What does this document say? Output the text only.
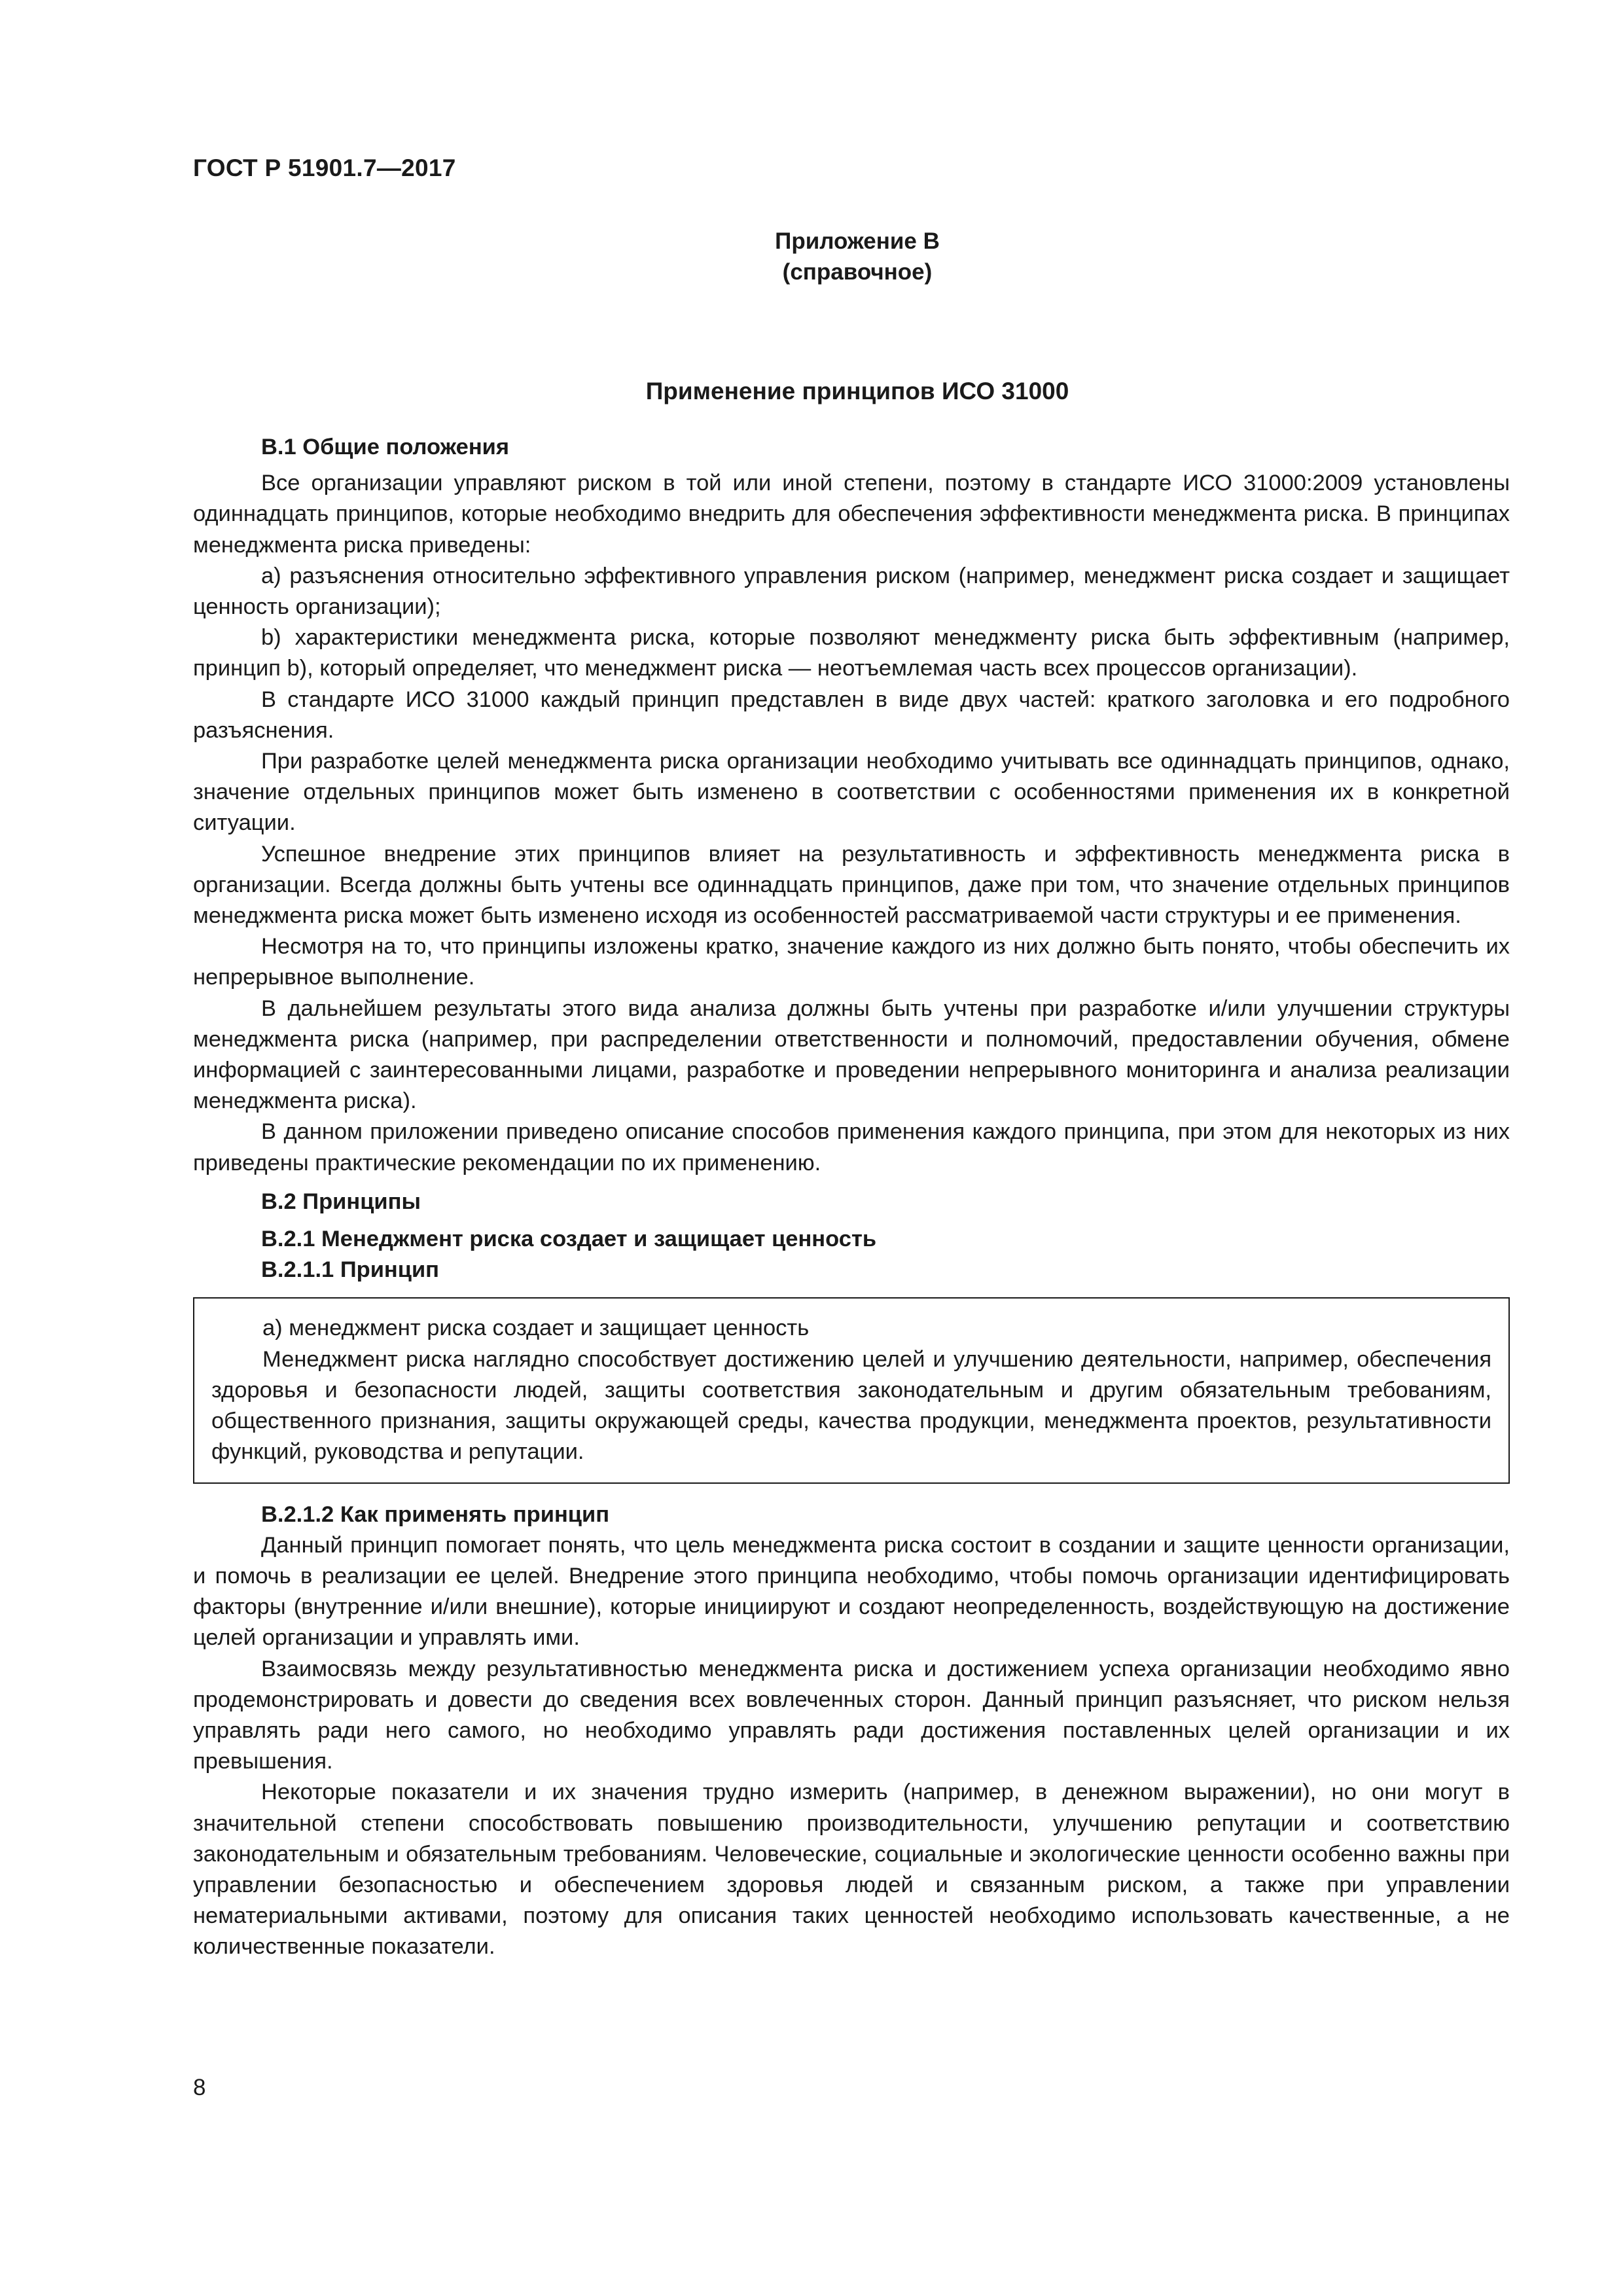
ГОСТ Р 51901.7—2017
Приложение В
(справочное)
Применение принципов ИСО 31000
В.1 Общие положения

Все организации управляют риском в той или иной степени, поэтому в стандарте ИСО 31000:2009 установлены одиннадцать принципов, которые необходимо внедрить для обеспечения эффективности менеджмента риска. В принципах менеджмента риска приведены:

a) разъяснения относительно эффективного управления риском (например, менеджмент риска создает и защищает ценность организации);

b) характеристики менеджмента риска, которые позволяют менеджменту риска быть эффективным (например, принцип b), который определяет, что менеджмент риска — неотъемлемая часть всех процессов организации).

В стандарте ИСО 31000 каждый принцип представлен в виде двух частей: краткого заголовка и его подробного разъяснения.

При разработке целей менеджмента риска организации необходимо учитывать все одиннадцать принципов, однако, значение отдельных принципов может быть изменено в соответствии с особенностями применения их в конкретной ситуации.

Успешное внедрение этих принципов влияет на результативность и эффективность менеджмента риска в организации. Всегда должны быть учтены все одиннадцать принципов, даже при том, что значение отдельных принципов менеджмента риска может быть изменено исходя из особенностей рассматриваемой части структуры и ее применения.

Несмотря на то, что принципы изложены кратко, значение каждого из них должно быть понято, чтобы обеспечить их непрерывное выполнение.

В дальнейшем результаты этого вида анализа должны быть учтены при разработке и/или улучшении структуры менеджмента риска (например, при распределении ответственности и полномочий, предоставлении обучения, обмене информацией с заинтересованными лицами, разработке и проведении непрерывного мониторинга и анализа реализации менеджмента риска).

В данном приложении приведено описание способов применения каждого принципа, при этом для некоторых из них приведены практические рекомендации по их применению.

В.2 Принципы
В.2.1 Менеджмент риска создает и защищает ценность
В.2.1.1 Принцип

a) менеджмент риска создает и защищает ценность

Менеджмент риска наглядно способствует достижению целей и улучшению деятельности, например, обеспечения здоровья и безопасности людей, защиты соответствия законодательным и другим обязательным требованиям, общественного признания, защиты окружающей среды, качества продукции, менеджмента проектов, результативности функций, руководства и репутации.

В.2.1.2 Как применять принцип

Данный принцип помогает понять, что цель менеджмента риска состоит в создании и защите ценности организации, и помочь в реализации ее целей. Внедрение этого принципа необходимо, чтобы помочь организации идентифицировать факторы (внутренние и/или внешние), которые инициируют и создают неопределенность, воздействующую на достижение целей организации и управлять ими.

Взаимосвязь между результативностью менеджмента риска и достижением успеха организации необходимо явно продемонстрировать и довести до сведения всех вовлеченных сторон. Данный принцип разъясняет, что риском нельзя управлять ради него самого, но необходимо управлять ради достижения поставленных целей организации и их превышения.

Некоторые показатели и их значения трудно измерить (например, в денежном выражении), но они могут в значительной степени способствовать повышению производительности, улучшению репутации и соответствию законодательным и обязательным требованиям. Человеческие, социальные и экологические ценности особенно важны при управлении безопасностью и обеспечением здоровья людей и связанным риском, а также при управлении нематериальными активами, поэтому для описания таких ценностей необходимо использовать качественные, а не количественные показатели.

8
